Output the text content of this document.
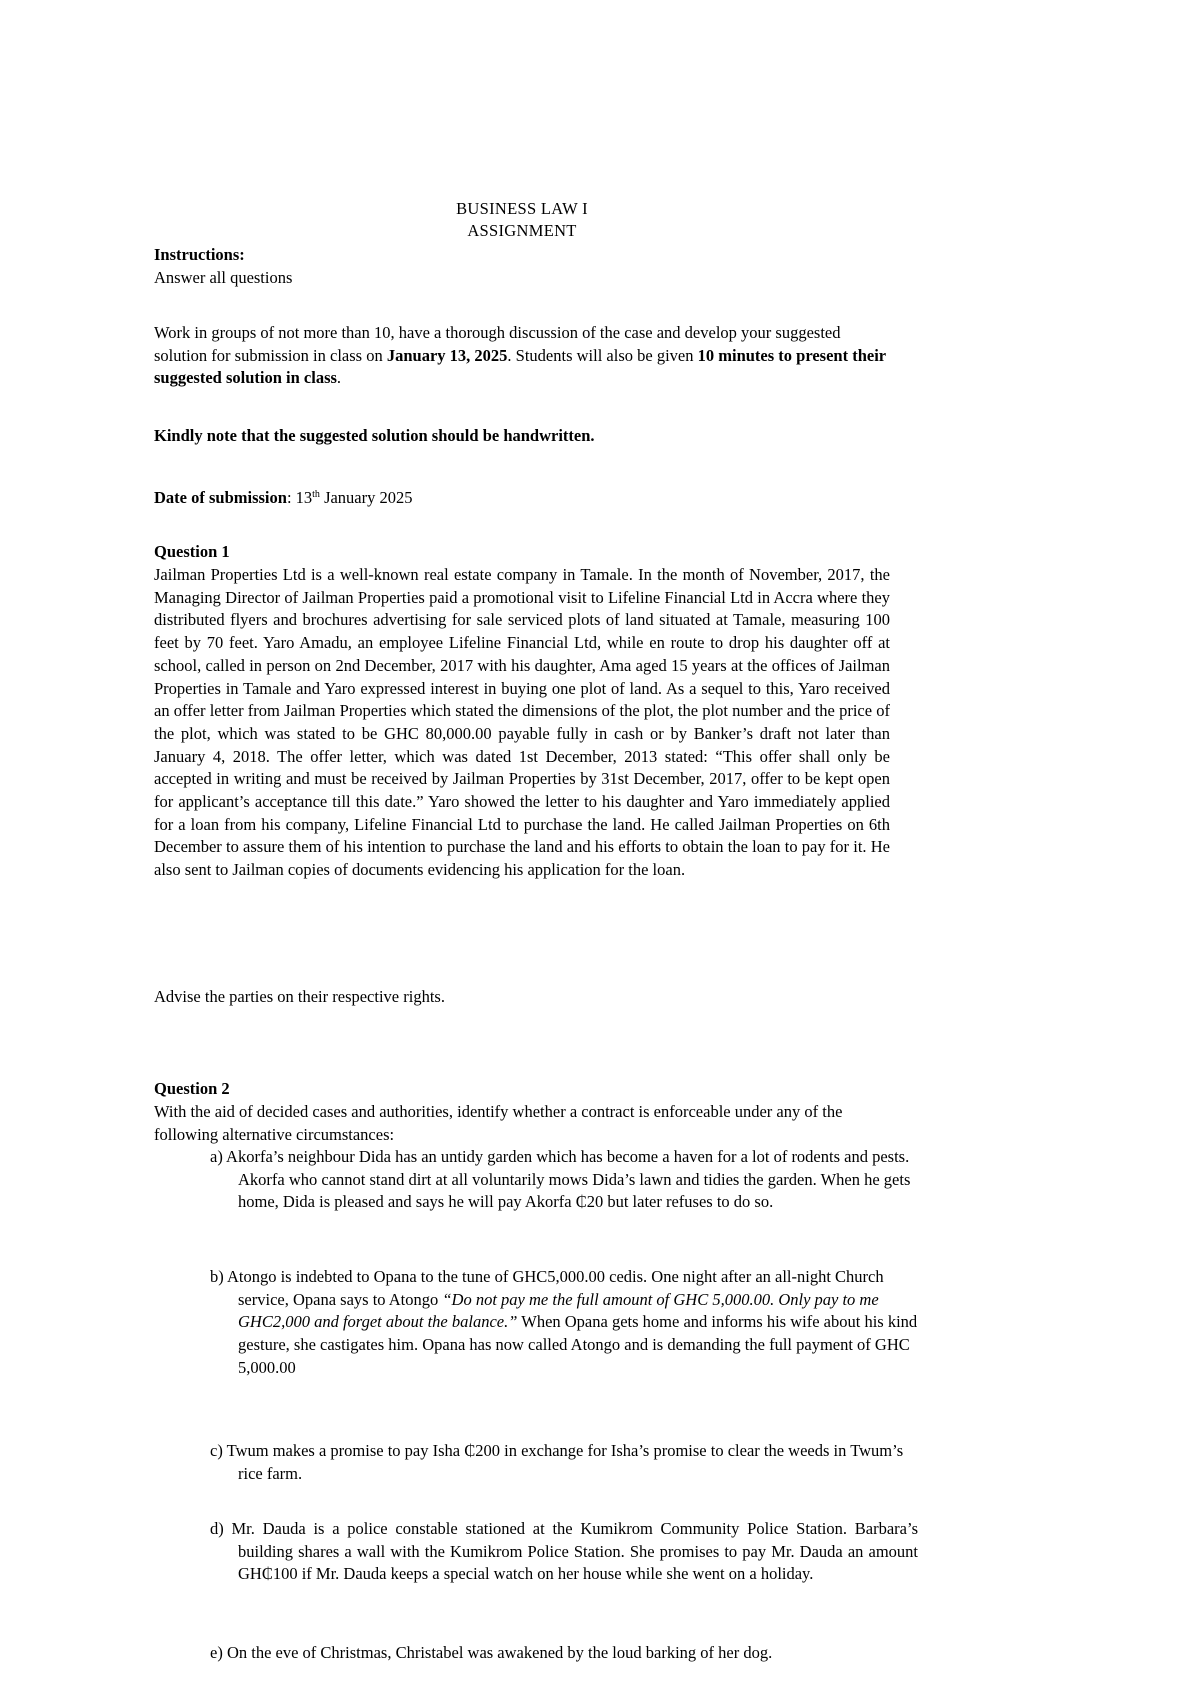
BUSINESS LAW I
ASSIGNMENT
Instructions:
Answer all questions
Work in groups of not more than 10, have a thorough discussion of the case and develop your suggested solution for submission in class on January 13, 2025. Students will also be given 10 minutes to present their suggested solution in class.
Kindly note that the suggested solution should be handwritten.
Date of submission: 13th January 2025
Question 1
Jailman Properties Ltd is a well-known real estate company in Tamale. In the month of November, 2017, the Managing Director of Jailman Properties paid a promotional visit to Lifeline Financial Ltd in Accra where they distributed flyers and brochures advertising for sale serviced plots of land situated at Tamale, measuring 100 feet by 70 feet. Yaro Amadu, an employee Lifeline Financial Ltd, while en route to drop his daughter off at school, called in person on 2nd December, 2017 with his daughter, Ama aged 15 years at the offices of Jailman Properties in Tamale and Yaro expressed interest in buying one plot of land. As a sequel to this, Yaro received an offer letter from Jailman Properties which stated the dimensions of the plot, the plot number and the price of the plot, which was stated to be GHC 80,000.00 payable fully in cash or by Banker’s draft not later than January 4, 2018. The offer letter, which was dated 1st December, 2013 stated: “This offer shall only be accepted in writing and must be received by Jailman Properties by 31st December, 2017, offer to be kept open for applicant’s acceptance till this date.” Yaro showed the letter to his daughter and Yaro immediately applied for a loan from his company, Lifeline Financial Ltd to purchase the land. He called Jailman Properties on 6th December to assure them of his intention to purchase the land and his efforts to obtain the loan to pay for it. He also sent to Jailman copies of documents evidencing his application for the loan.
Advise the parties on their respective rights.
Question 2
With the aid of decided cases and authorities, identify whether a contract is enforceable under any of the following alternative circumstances:
a) Akorfa’s neighbour Dida has an untidy garden which has become a haven for a lot of rodents and pests. Akorfa who cannot stand dirt at all voluntarily mows Dida’s lawn and tidies the garden. When he gets home, Dida is pleased and says he will pay Akorfa ₵20 but later refuses to do so.
b) Atongo is indebted to Opana to the tune of GHC5,000.00 cedis. One night after an all-night Church service, Opana says to Atongo “Do not pay me the full amount of GHC 5,000.00. Only pay to me GHC2,000 and forget about the balance.” When Opana gets home and informs his wife about his kind gesture, she castigates him. Opana has now called Atongo and is demanding the full payment of GHC 5,000.00
c) Twum makes a promise to pay Isha ₵200 in exchange for Isha’s promise to clear the weeds in Twum’s rice farm.
d) Mr. Dauda is a police constable stationed at the Kumikrom Community Police Station. Barbara’s building shares a wall with the Kumikrom Police Station. She promises to pay Mr. Dauda an amount GH₵100 if Mr. Dauda keeps a special watch on her house while she went on a holiday.
e) On the eve of Christmas, Christabel was awakened by the loud barking of her dog.
